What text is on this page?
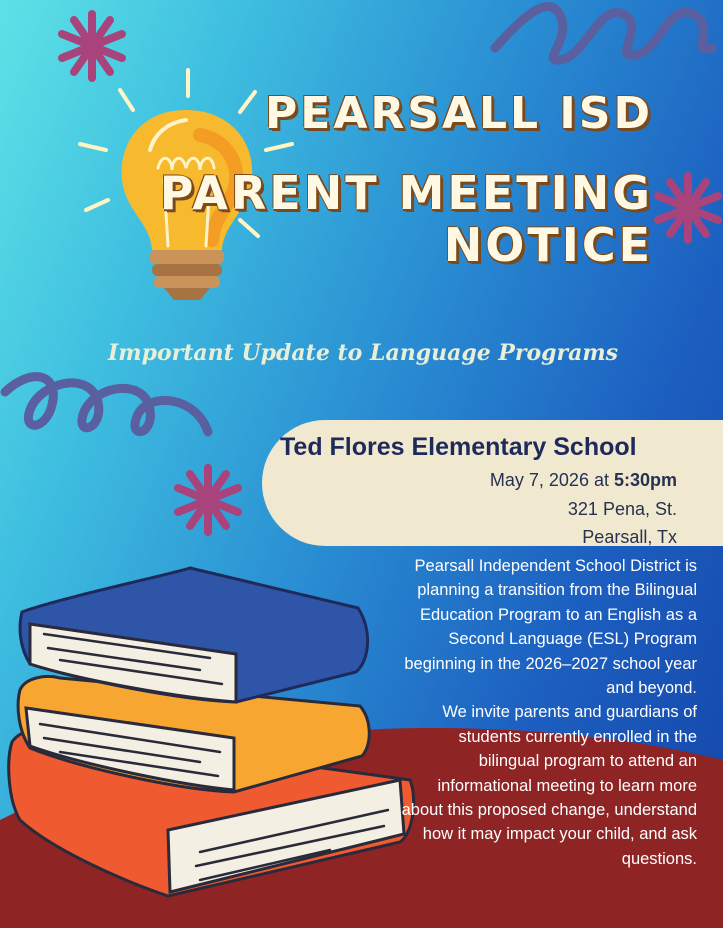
PEARSALL ISD
PARENT MEETING
NOTICE
Important Update to Language Programs
Ted Flores Elementary School

May 7, 2026 at 5:30pm

321 Pena, St.

Pearsall, Tx

Pearsall Independent School District is planning a transition from the Bilingual Education Program to an English as a Second Language (ESL) Program beginning in the 2026–2027 school year and beyond.
We invite parents and guardians of students currently enrolled in the bilingual program to attend an informational meeting to learn more about this proposed change, understand how it may impact your child, and ask questions.
